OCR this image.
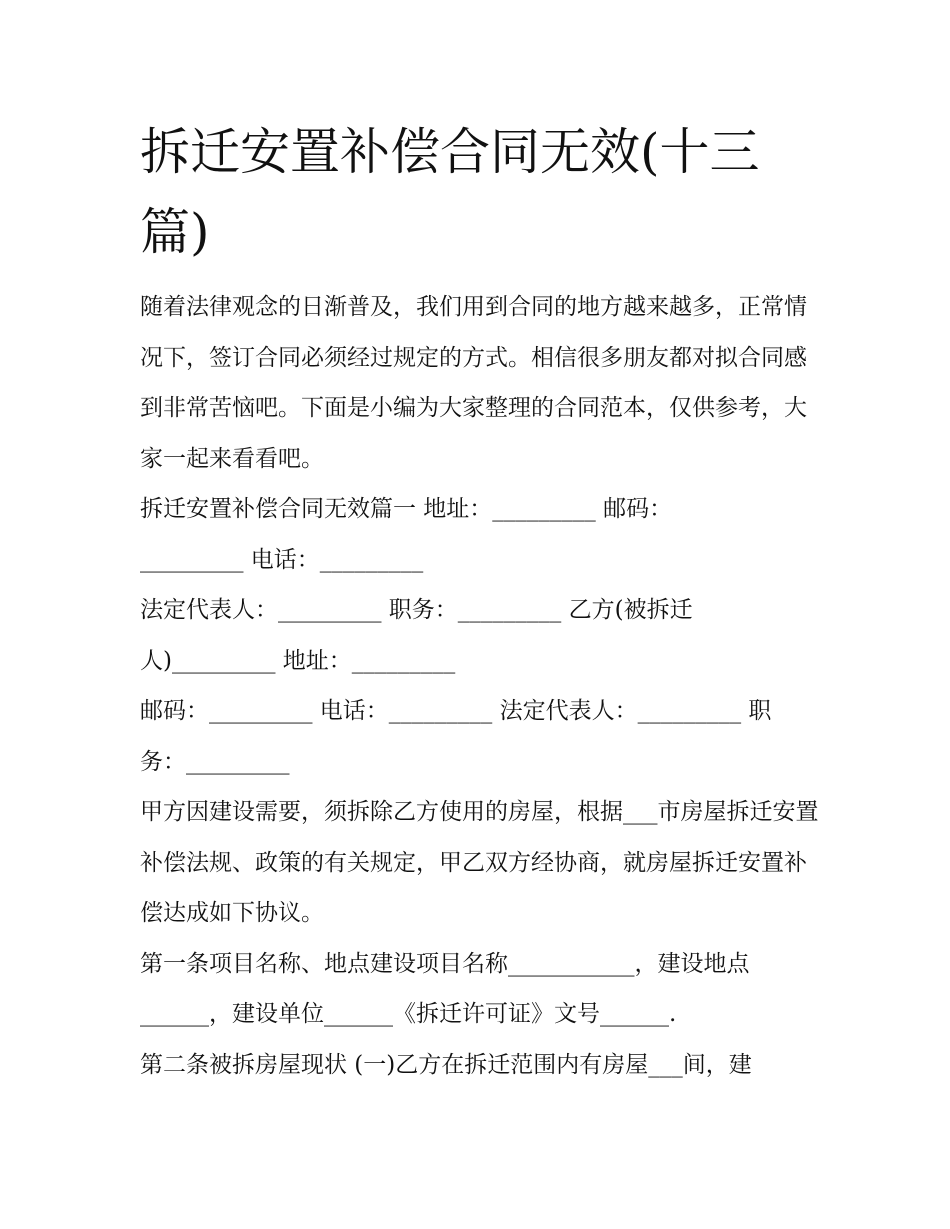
拆迁安置补偿合同无效(十三篇)

随着法律观念的日渐普及，我们用到合同的地方越来越多，正常情况下，签订合同必须经过规定的方式。相信很多朋友都对拟合同感到非常苦恼吧。下面是小编为大家整理的合同范本，仅供参考，大家一起来看看吧。

拆迁安置补偿合同无效篇一 地址：_________ 邮码：_________ 电话：_________

法定代表人：_________ 职务：_________ 乙方(被拆迁人)_________ 地址：_________

邮码：_________ 电话：_________ 法定代表人：_________ 职务：_________

甲方因建设需要，须拆除乙方使用的房屋，根据___市房屋拆迁安置补偿法规、政策的有关规定，甲乙双方经协商，就房屋拆迁安置补偿达成如下协议。

第一条项目名称、地点建设项目名称___________，建设地点______，建设单位______《拆迁许可证》文号______.

第二条被拆房屋现状 (一)乙方在拆迁范围内有房屋___间，建
